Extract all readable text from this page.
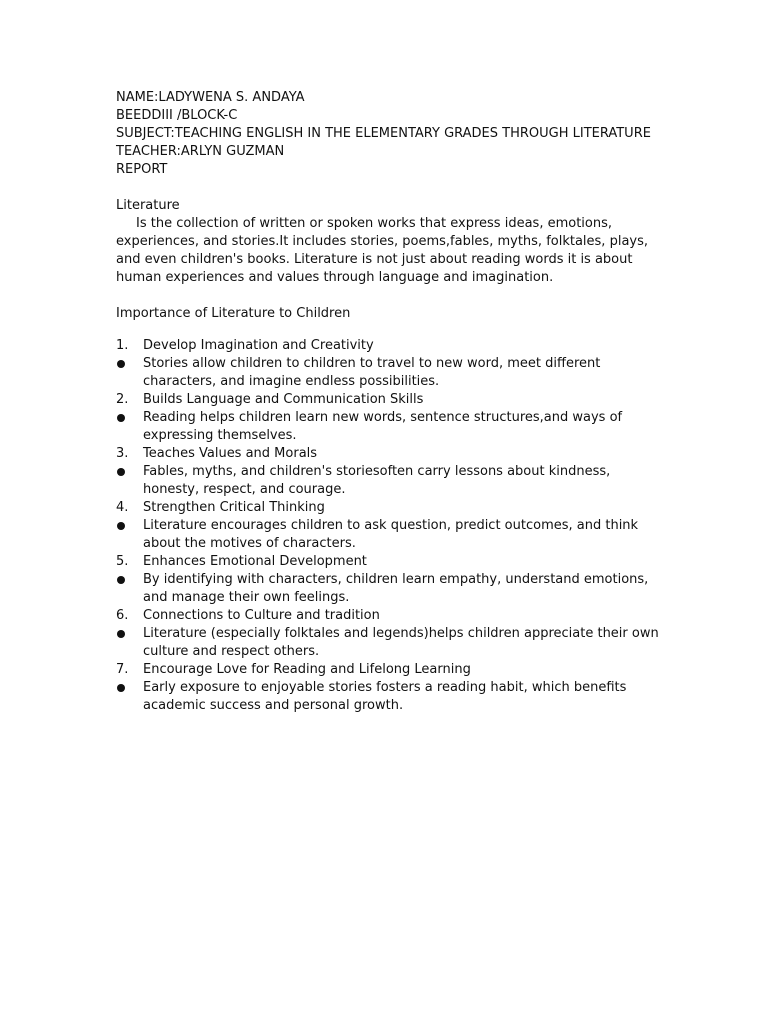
NAME:LADYWENA S. ANDAYA
BEEDDIII /BLOCK-C
SUBJECT:TEACHING ENGLISH IN THE ELEMENTARY GRADES THROUGH LITERATURE
TEACHER:ARLYN GUZMAN
REPORT
Literature
Is the collection of written or spoken works that express ideas, emotions, experiences, and stories.It includes stories, poems,fables, myths, folktales, plays, and even children's books. Literature is not just about reading words it is about human experiences and values through language and imagination.
Importance of Literature to Children
1.	Develop Imagination and Creativity
Stories allow children to children to travel to new word, meet different characters, and imagine endless possibilities.
2.	Builds Language and Communication Skills
Reading helps children learn new words, sentence structures,and ways of expressing themselves.
3.	Teaches Values and Morals
Fables, myths, and children's storiesoften carry lessons about kindness, honesty, respect, and courage.
4.	Strengthen Critical Thinking
Literature encourages children to ask question, predict outcomes, and think about the motives of characters.
5.	Enhances Emotional Development
By identifying with characters, children learn empathy, understand emotions, and manage their own feelings.
6.	Connections to Culture and tradition
Literature (especially folktales and legends)helps children appreciate their own culture and respect others.
7.	Encourage Love for Reading and Lifelong Learning
Early exposure to enjoyable stories fosters a reading habit, which benefits academic success and personal growth.
